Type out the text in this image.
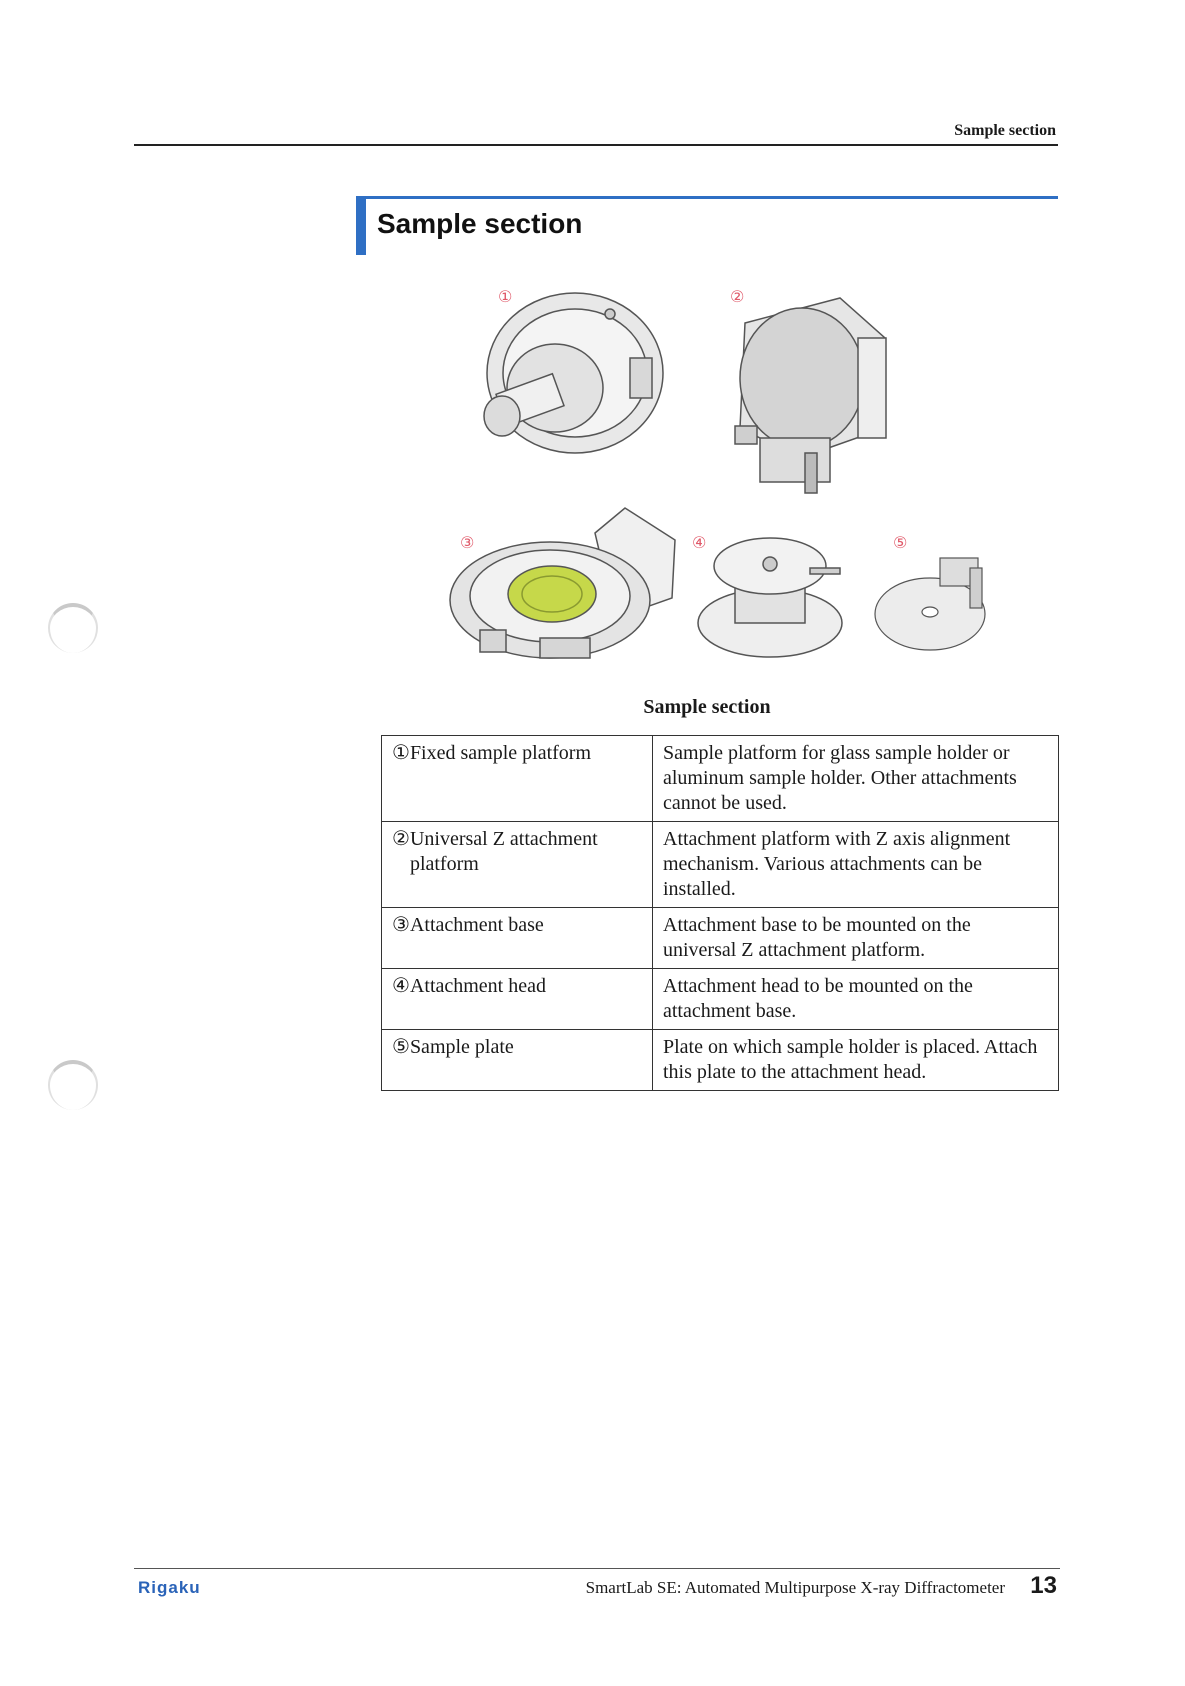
Sample section
Sample section
①	②
③	④	⑤
Sample section
① Fixed sample platform	Sample platform for glass sample holder or aluminum sample holder. Other attachments cannot be used.

② Universal Z attachment platform	Attachment platform with Z axis alignment mechanism. Various attachments can be installed.

③ Attachment base	Attachment base to be mounted on the universal Z attachment platform.

④ Attachment head	Attachment head to be mounted on the attachment base.

⑤ Sample plate	Plate on which sample holder is placed. Attach this plate to the attachment head.
Rigaku	SmartLab SE: Automated Multipurpose X-ray Diffractometer 13
